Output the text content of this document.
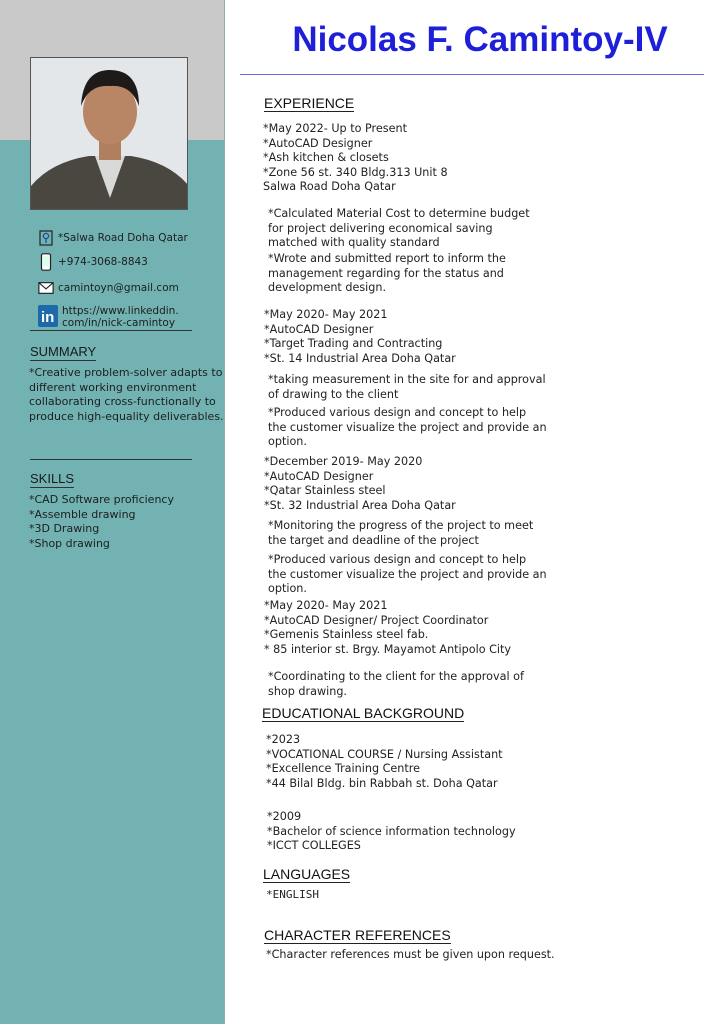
*Salwa Road Doha Qatar
+974-3068-8843
camintoyn@gmail.com
in https://www.linkeddin.
com/in/nick-camintoy
SUMMARY
*Creative problem-solver adapts to different working environment collaborating cross-functionally to produce high-equality deliverables.
SKILLS
*CAD Software proficiency
*Assemble drawing
*3D Drawing
*Shop drawing
Nicolas F. Camintoy-IV
EXPERIENCE
*May 2022- Up to Present
*AutoCAD Designer
*Ash kitchen & closets
*Zone 56 st. 340 Bldg.313 Unit 8
Salwa Road Doha Qatar
*Calculated Material Cost to determine budget
for project delivering economical saving
matched with quality standard
*Wrote and submitted report to inform the
management regarding for the status and
development design.
*May 2020- May 2021
*AutoCAD Designer
*Target Trading and Contracting
*St. 14 Industrial Area Doha Qatar
*taking measurement in the site for and approval
of drawing to the client
*Produced various design and concept to help
the customer visualize the project and provide an
option.
*December 2019- May 2020
*AutoCAD Designer
*Qatar Stainless steel
*St. 32 Industrial Area Doha Qatar
*Monitoring the progress of the project to meet
the target and deadline of the project
*Produced various design and concept to help
the customer visualize the project and provide an
option.
*May 2020- May 2021
*AutoCAD Designer/ Project Coordinator
*Gemenis Stainless steel fab.
* 85 interior st. Brgy. Mayamot Antipolo City
*Coordinating to the client for the approval of
shop drawing.
EDUCATIONAL BACKGROUND
*2023
*VOCATIONAL COURSE / Nursing Assistant
*Excellence Training Centre
*44 Bilal Bldg. bin Rabbah st. Doha Qatar
*2009
*Bachelor of science information technology
*ICCT COLLEGES
LANGUAGES
*ENGLISH
CHARACTER REFERENCES
*Character references must be given upon request.
